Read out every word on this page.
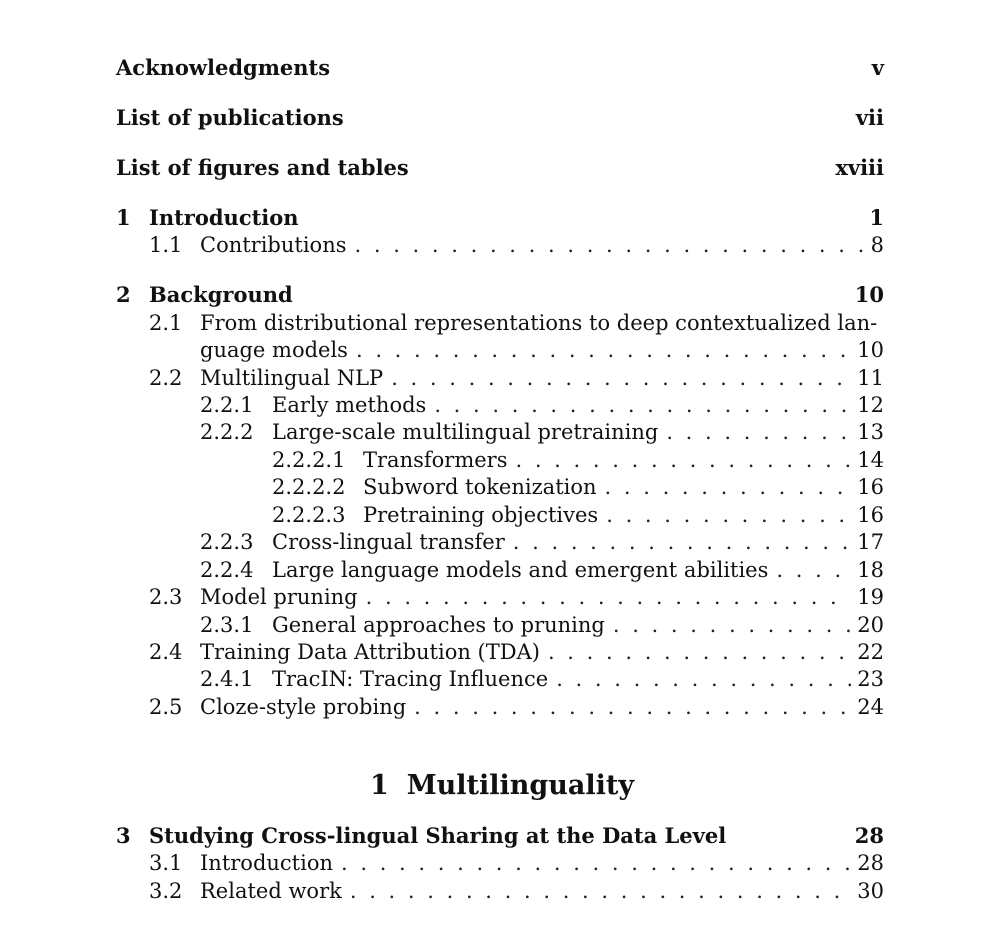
Acknowledgments	v
List of publications	vii
List of figures and tables	xviii
1 Introduction	1
1.1 Contributions . . .	8
2 Background	10
2.1 From distributional representations to deep contextualized lan-
guage models . . .	10
2.2 Multilingual NLP . . .	11
2.2.1 Early methods . . .	12
2.2.2 Large-scale multilingual pretraining . . .	13
2.2.2.1 Transformers . . .	14
2.2.2.2 Subword tokenization . . .	16
2.2.2.3 Pretraining objectives . . .	16
2.2.3 Cross-lingual transfer . . .	17
2.2.4 Large language models and emergent abilities . . .	18
2.3 Model pruning . . .	19
2.3.1 General approaches to pruning . . .	20
2.4 Training Data Attribution (TDA) . . .	22
2.4.1 TracIN: Tracing Influence . . .	23
2.5 Cloze-style probing . . .	24
3 Studying Cross-lingual Sharing at the Data Level	28
3.1 Introduction . . .	28
3.2 Related work . . .	30
1 Multilinguality
